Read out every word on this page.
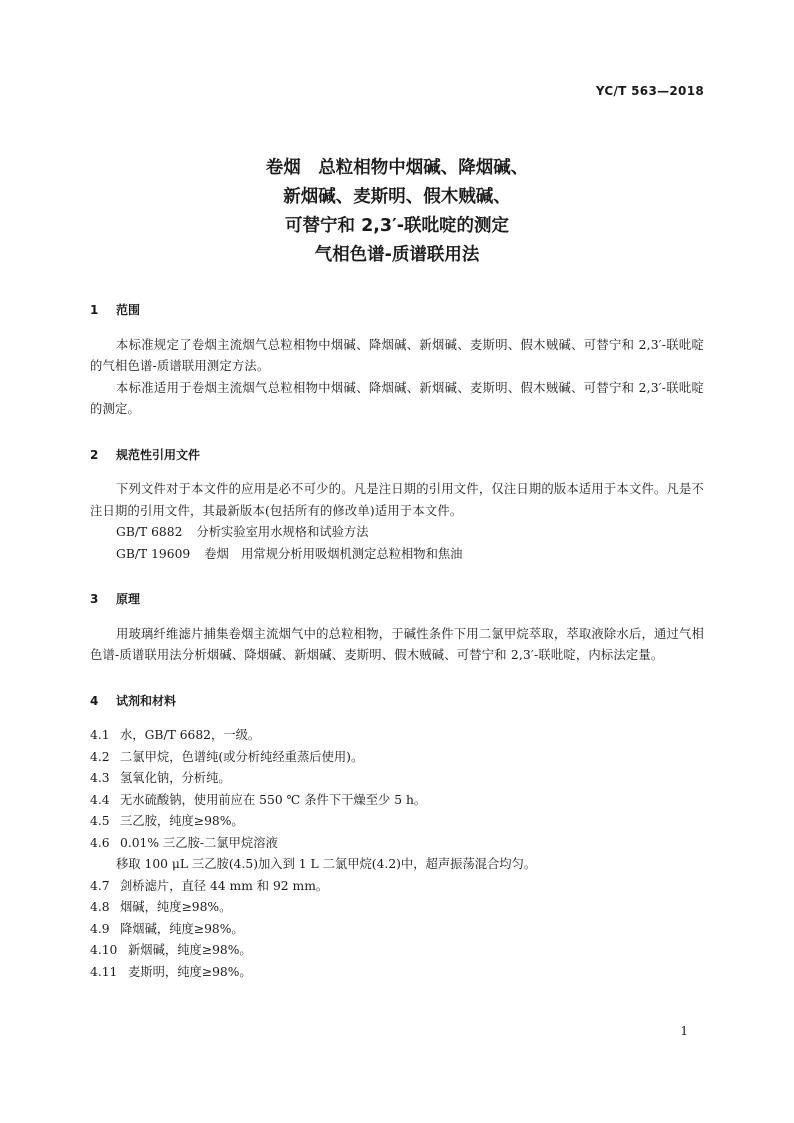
YC/T 563—2018
卷烟　总粒相物中烟碱、降烟碱、
新烟碱、麦斯明、假木贼碱、
可替宁和 2,3′-联吡啶的测定
气相色谱-质谱联用法
1 范围

本标准规定了卷烟主流烟气总粒相物中烟碱、降烟碱、新烟碱、麦斯明、假木贼碱、可替宁和 2,3′-联吡啶的气相色谱-质谱联用测定方法。

本标准适用于卷烟主流烟气总粒相物中烟碱、降烟碱、新烟碱、麦斯明、假木贼碱、可替宁和 2,3′-联吡啶的测定。

2 规范性引用文件

下列文件对于本文件的应用是必不可少的。凡是注日期的引用文件，仅注日期的版本适用于本文件。凡是不注日期的引用文件，其最新版本(包括所有的修改单)适用于本文件。

GB/T 6882 分析实验室用水规格和试验方法

GB/T 19609 卷烟　用常规分析用吸烟机测定总粒相物和焦油

3 原理

用玻璃纤维滤片捕集卷烟主流烟气中的总粒相物，于碱性条件下用二氯甲烷萃取，萃取液除水后，通过气相色谱-质谱联用法分析烟碱、降烟碱、新烟碱、麦斯明、假木贼碱、可替宁和 2,3′-联吡啶，内标法定量。

4 试剂和材料

4.1 水，GB/T 6682，一级。

4.2 二氯甲烷，色谱纯(或分析纯经重蒸后使用)。

4.3 氢氧化钠，分析纯。

4.4 无水硫酸钠，使用前应在 550 ℃ 条件下干燥至少 5 h。

4.5 三乙胺，纯度≥98%。

4.6 0.01% 三乙胺-二氯甲烷溶液

移取 100 μL 三乙胺(4.5)加入到 1 L 二氯甲烷(4.2)中，超声振荡混合均匀。

4.7 剑桥滤片，直径 44 mm 和 92 mm。

4.8 烟碱，纯度≥98%。

4.9 降烟碱，纯度≥98%。

4.10 新烟碱，纯度≥98%。

4.11 麦斯明，纯度≥98%。

1
